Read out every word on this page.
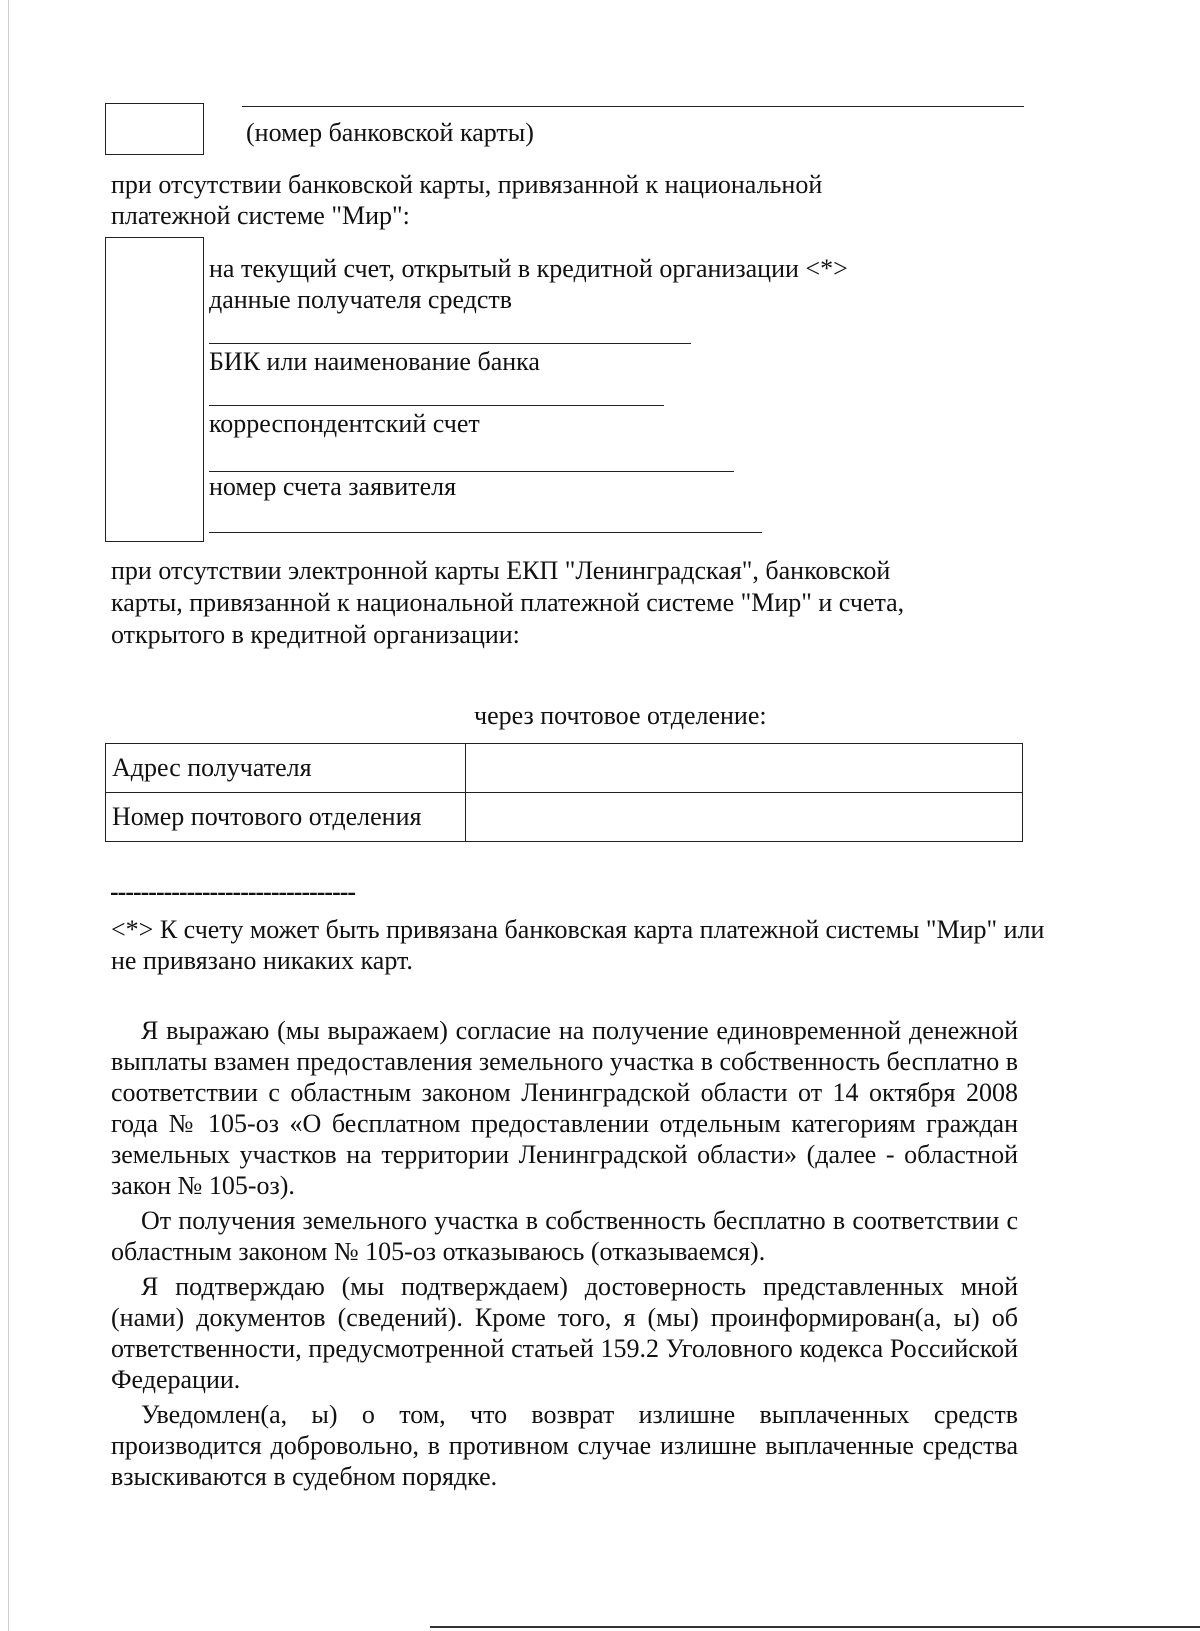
(номер банковской карты)
при отсутствии банковской карты, привязанной к национальной
платежной системе "Мир":
на текущий счет, открытый в кредитной организации <*>
данные получателя средств
БИК или наименование банка
корреспондентский счет
номер счета заявителя
при отсутствии электронной карты ЕКП "Ленинградская", банковской
карты, привязанной к национальной платежной системе "Мир" и счета,
открытого в кредитной организации:
через почтовое отделение:
Адрес получателя	
Номер почтового отделения	
--------------------------------
<*> К счету может быть привязана банковская карта платежной системы "Мир" или
не привязано никаких карт.

Я выражаю (мы выражаем) согласие на получение единовременной денежной выплаты взамен предоставления земельного участка в собственность бесплатно в соответствии с областным законом Ленинградской области от 14 октября 2008 года № 105-оз «О бесплатном предоставлении отдельным категориям граждан земельных участков на территории Ленинградской области» (далее - областной закон № 105-оз).

От получения земельного участка в собственность бесплатно в соответствии с областным законом № 105-оз отказываюсь (отказываемся).

Я подтверждаю (мы подтверждаем) достоверность представленных мной (нами) документов (сведений). Кроме того, я (мы) проинформирован(а, ы) об ответственности, предусмотренной статьей 159.2 Уголовного кодекса Российской Федерации.

Уведомлен(а, ы) о том, что возврат излишне выплаченных средств производится добровольно, в противном случае излишне выплаченные средства взыскиваются в судебном порядке.
